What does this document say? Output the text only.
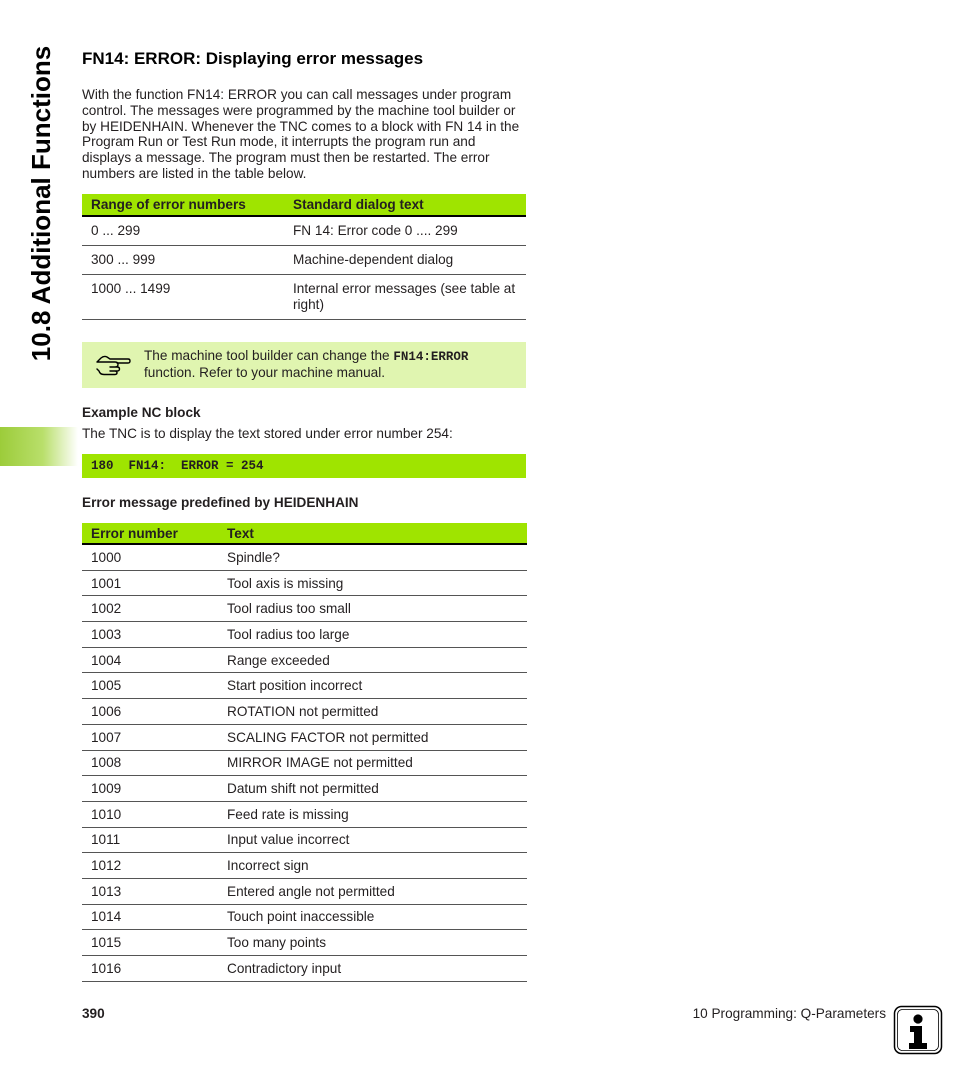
10.8 Additional Functions FN14: ERROR: Displaying error messages

With the function FN14: ERROR you can call messages under program control. The messages were programmed by the machine tool builder or by HEIDENHAIN. Whenever the TNC comes to a block with FN 14 in the Program Run or Test Run mode, it interrupts the program run and displays a message. The program must then be restarted. The error numbers are listed in the table below.

Range of error numbers	Standard dialog text
0 ... 299	FN 14: Error code 0 .... 299
300 ... 999	Machine-dependent dialog
1000 ... 1499	Internal error messages (see table at right)
The machine tool builder can change the FN14:ERROR
function. Refer to your machine manual.
Example NC block
The TNC is to display the text stored under error number 254:
180  FN14:  ERROR = 254
Error message predefined by HEIDENHAIN
Error number	Text
1000	Spindle?
1001	Tool axis is missing
1002	Tool radius too small
1003	Tool radius too large
1004	Range exceeded
1005	Start position incorrect
1006	ROTATION not permitted
1007	SCALING FACTOR not permitted
1008	MIRROR IMAGE not permitted
1009	Datum shift not permitted
1010	Feed rate is missing
1011	Input value incorrect
1012	Incorrect sign
1013	Entered angle not permitted
1014	Touch point inaccessible
1015	Too many points
1016	Contradictory input
390	10 Programming: Q-Parameters
